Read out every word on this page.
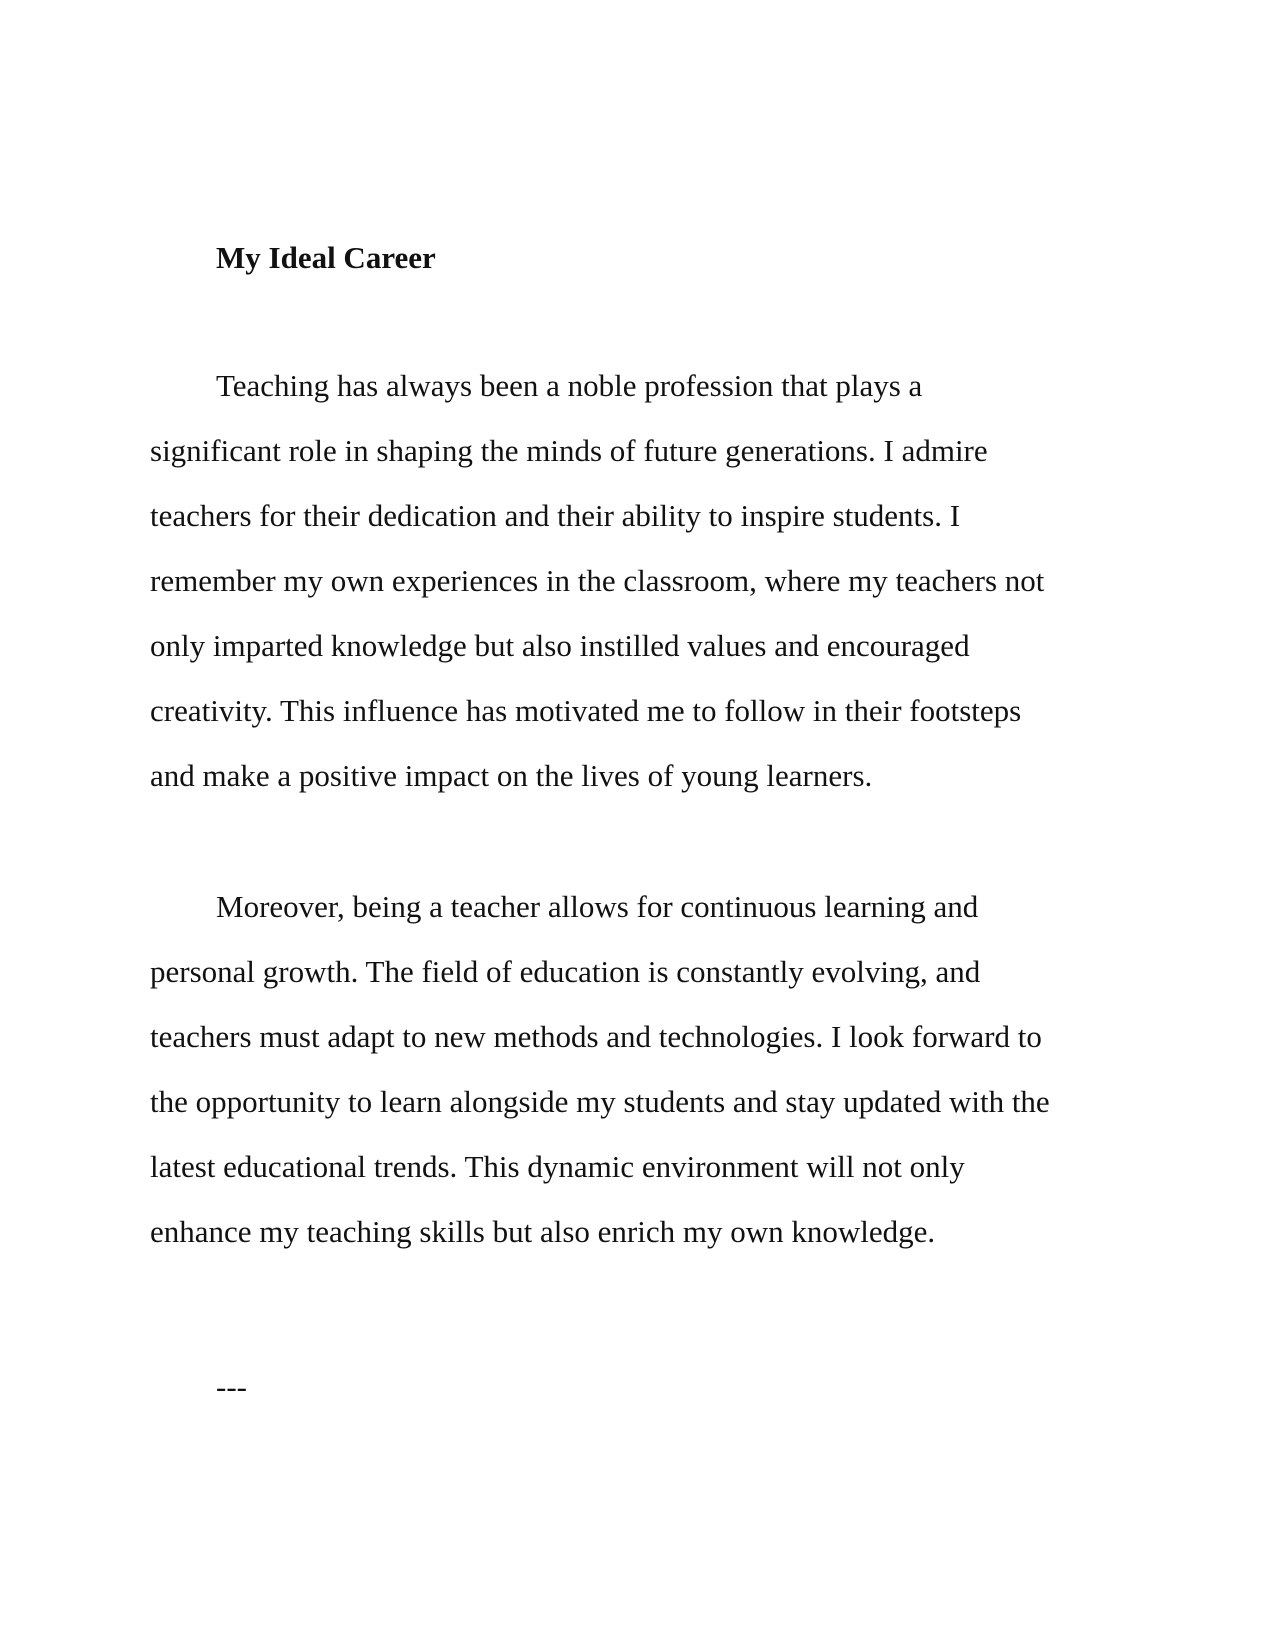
My Ideal Career
Teaching has always been a noble profession that plays a
significant role in shaping the minds of future generations. I admire
teachers for their dedication and their ability to inspire students. I
remember my own experiences in the classroom, where my teachers not
only imparted knowledge but also instilled values and encouraged
creativity. This influence has motivated me to follow in their footsteps
and make a positive impact on the lives of young learners.
Moreover, being a teacher allows for continuous learning and
personal growth. The field of education is constantly evolving, and
teachers must adapt to new methods and technologies. I look forward to
the opportunity to learn alongside my students and stay updated with the
latest educational trends. This dynamic environment will not only
enhance my teaching skills but also enrich my own knowledge.
---
